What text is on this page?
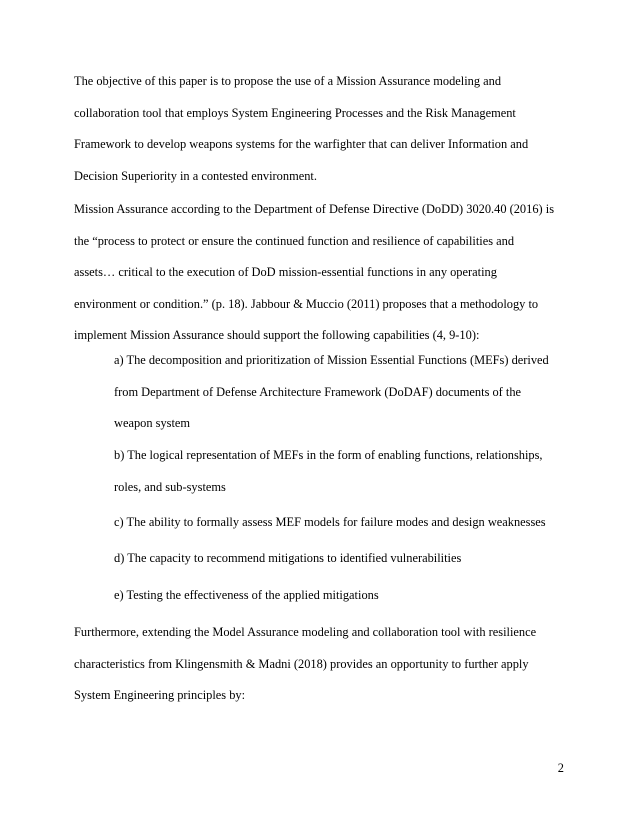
The objective of this paper is to propose the use of a Mission Assurance modeling and
collaboration tool that employs System Engineering Processes and the Risk Management
Framework to develop weapons systems for the warfighter that can deliver Information and
Decision Superiority in a contested environment.

Mission Assurance according to the Department of Defense Directive (DoDD) 3020.40 (2016) is
the “process to protect or ensure the continued function and resilience of capabilities and
assets… critical to the execution of DoD mission-essential functions in any operating
environment or condition.” (p. 18). Jabbour & Muccio (2011) proposes that a methodology to
implement Mission Assurance should support the following capabilities (4, 9-10):

a) The decomposition and prioritization of Mission Essential Functions (MEFs) derived
from Department of Defense Architecture Framework (DoDAF) documents of the
weapon system
b) The logical representation of MEFs in the form of enabling functions, relationships,
roles, and sub-systems
c) The ability to formally assess MEF models for failure modes and design weaknesses
d) The capacity to recommend mitigations to identified vulnerabilities
e) Testing the effectiveness of the applied mitigations

Furthermore, extending the Model Assurance modeling and collaboration tool with resilience
characteristics from Klingensmith & Madni (2018) provides an opportunity to further apply
System Engineering principles by:

2
